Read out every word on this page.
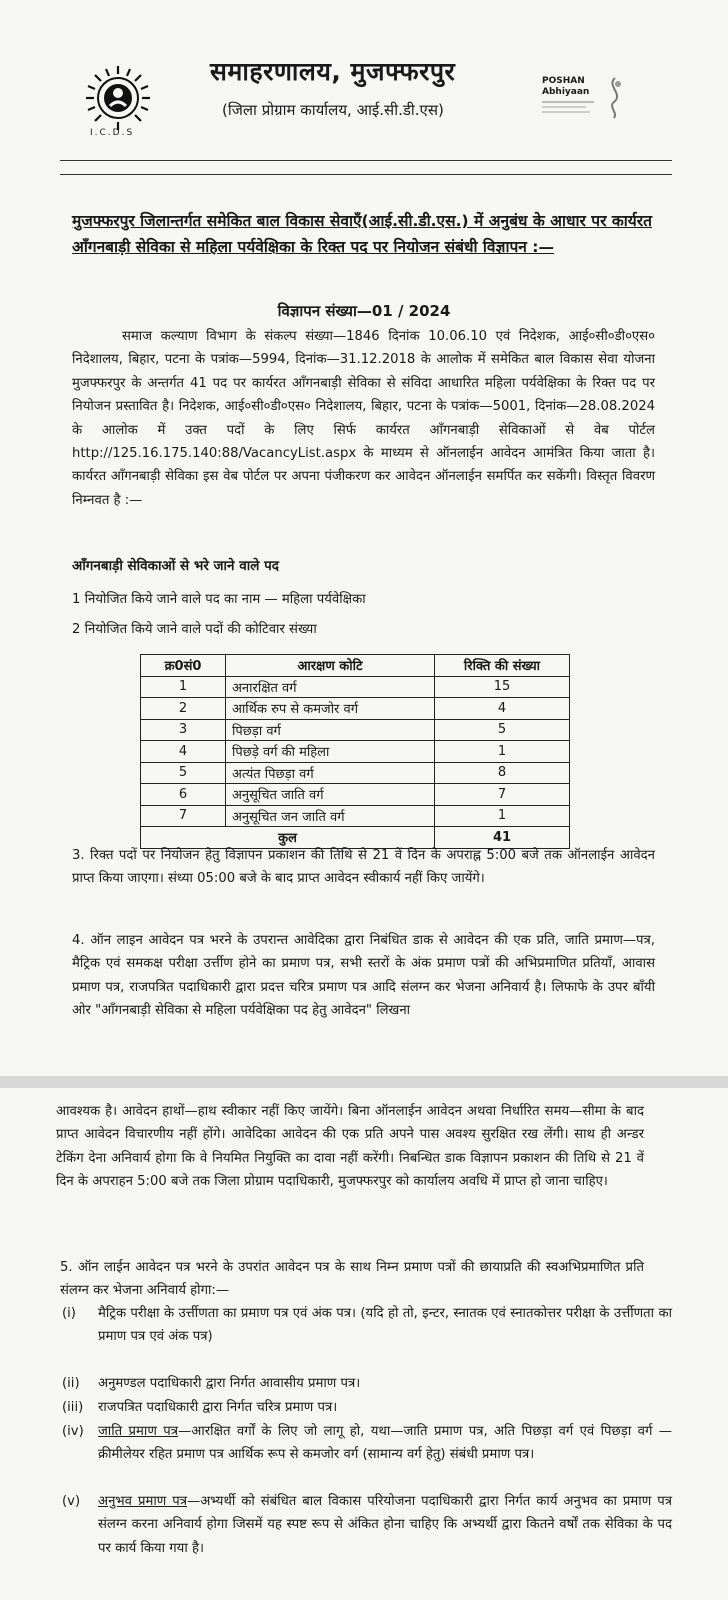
I.C.D.S
समाहरणालय, मुजफ्फरपुर
(जिला प्रोग्राम कार्यालय, आई.सी.डी.एस)
POSHAN Abhiyaan
मुजफ्फरपुर जिलान्तर्गत समेकित बाल विकास सेवाएँ(आई.सी.डी.एस.) में अनुबंध के आधार पर कार्यरत आँगनबाड़ी सेविका से महिला पर्यवेक्षिका के रिक्त पद पर नियोजन संबंधी विज्ञापन :—
विज्ञापन संख्या—01 / 2024
समाज कल्याण विभाग के संकल्प संख्या—1846 दिनांक 10.06.10 एवं निदेशक, आई०सी०डी०एस० निदेशालय, बिहार, पटना के पत्रांक—5994, दिनांक—31.12.2018 के आलोक में समेकित बाल विकास सेवा योजना मुजफ्फरपुर के अन्तर्गत 41 पद पर कार्यरत आँगनबाड़ी सेविका से संविदा आधारित महिला पर्यवेक्षिका के रिक्त पद पर नियोजन प्रस्तावित है। निदेशक, आई०सी०डी०एस० निदेशालय, बिहार, पटना के पत्रांक—5001, दिनांक—28.08.2024 के आलोक में उक्त पदों के लिए सिर्फ कार्यरत आँगनबाड़ी सेविकाओं से वेब पोर्टल http://125.16.175.140:88/VacancyList.aspx के माध्यम से ऑनलाईन आवेदन आमंत्रित किया जाता है। कार्यरत आँगनबाड़ी सेविका इस वेब पोर्टल पर अपना पंजीकरण कर आवेदन ऑनलाईन समर्पित कर सकेंगी। विस्तृत विवरण निम्नवत है :—
आँगनबाड़ी सेविकाओं से भरे जाने वाले पद
1 नियोजित किये जाने वाले पद का नाम — महिला पर्यवेक्षिका
2 नियोजित किये जाने वाले पदों की कोटिवार संख्या
क्र0सं0	आरक्षण कोटि	रिक्ति की संख्या
1	अनारक्षित वर्ग	15
2	आर्थिक रुप से कमजोर वर्ग	4
3	पिछड़ा वर्ग	5
4	पिछड़े वर्ग की महिला	1
5	अत्यंत पिछड़ा वर्ग	8
6	अनुसूचित जाति वर्ग	7
7	अनुसूचित जन जाति वर्ग	1
कुल		41
3. रिक्त पदों पर नियोजन हेतु विज्ञापन प्रकाशन की तिथि से 21 वें दिन के अपराह्न 5:00 बजे तक ऑनलाईन आवेदन प्राप्त किया जाएगा। संध्या 05:00 बजे के बाद प्राप्त आवेदन स्वीकार्य नहीं किए जायेंगे।
4. ऑन लाइन आवेदन पत्र भरने के उपरान्त आवेदिका द्वारा निबंधित डाक से आवेदन की एक प्रति, जाति प्रमाण—पत्र, मैट्रिक एवं समकक्ष परीक्षा उर्त्तीण होने का प्रमाण पत्र, सभी स्तरों के अंक प्रमाण पत्रों की अभिप्रमाणित प्रतियाँ, आवास प्रमाण पत्र, राजपत्रित पदाधिकारी द्वारा प्रदत्त चरित्र प्रमाण पत्र आदि संलग्न कर भेजना अनिवार्य है। लिफाफे के उपर बाँयी ओर "आँगनबाड़ी सेविका से महिला पर्यवेक्षिका पद हेतु आवेदन" लिखना
आवश्यक है। आवेदन हाथों—हाथ स्वीकार नहीं किए जायेंगे। बिना ऑनलाईन आवेदन अथवा निर्धारित समय—सीमा के बाद प्राप्त आवेदन विचारणीय नहीं होंगे। आवेदिका आवेदन की एक प्रति अपने पास अवश्य सुरक्षित रख लेंगी। साथ ही अन्डर टेकिंग देना अनिवार्य होगा कि वे नियमित नियुक्ति का दावा नहीं करेंगी। निबन्धित डाक विज्ञापन प्रकाशन की तिथि से 21 वें दिन के अपराहन 5:00 बजे तक जिला प्रोग्राम पदाधिकारी, मुजफ्फरपुर को कार्यालय अवधि में प्राप्त हो जाना चाहिए।
5. ऑन लाईन आवेदन पत्र भरने के उपरांत आवेदन पत्र के साथ निम्न प्रमाण पत्रों की छायाप्रति की स्वअभिप्रमाणित प्रति संलग्न कर भेजना अनिवार्य होगा:—
(i) मैट्रिक परीक्षा के उर्त्तीणता का प्रमाण पत्र एवं अंक पत्र। (यदि हो तो, इन्टर, स्नातक एवं स्नातकोत्तर परीक्षा के उर्त्तीणता का प्रमाण पत्र एवं अंक पत्र)
(ii) अनुमण्डल पदाधिकारी द्वारा निर्गत आवासीय प्रमाण पत्र।
(iii) राजपत्रित पदाधिकारी द्वारा निर्गत चरित्र प्रमाण पत्र।
(iv) जाति प्रमाण पत्र—आरक्षित वर्गों के लिए जो लागू हो, यथा—जाति प्रमाण पत्र, अति पिछड़ा वर्ग एवं पिछड़ा वर्ग — क्रीमीलेयर रहित प्रमाण पत्र आर्थिक रूप से कमजोर वर्ग (सामान्य वर्ग हेतु) संबंधी प्रमाण पत्र।
(v) अनुभव प्रमाण पत्र—अभ्यर्थी को संबंधित बाल विकास परियोजना पदाधिकारी द्वारा निर्गत कार्य अनुभव का प्रमाण पत्र संलग्न करना अनिवार्य होगा जिसमें यह स्पष्ट रूप से अंकित होना चाहिए कि अभ्यर्थी द्वारा कितने वर्षों तक सेविका के पद पर कार्य किया गया है।
